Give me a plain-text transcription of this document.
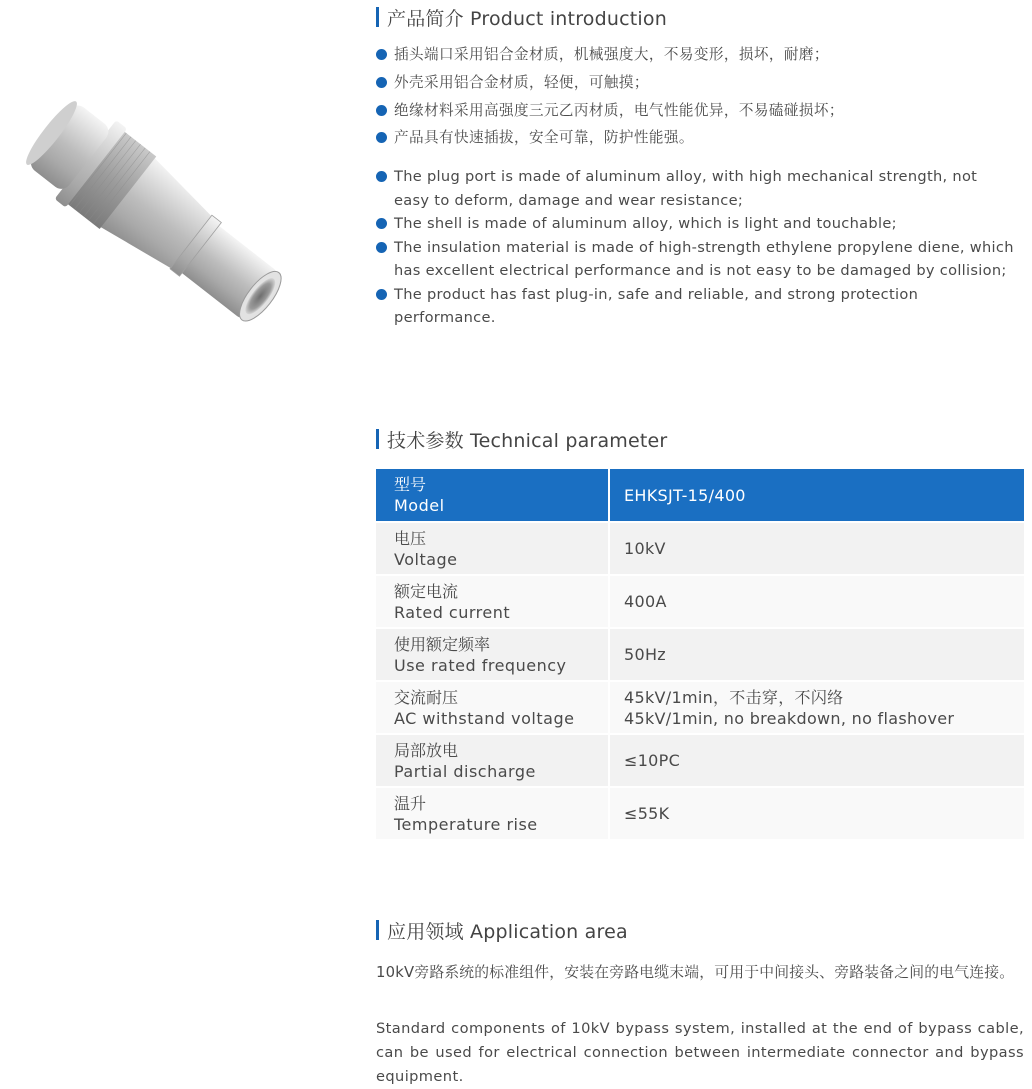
产品简介 Product introduction
插头端口采用铝合金材质，机械强度大，不易变形，损坏，耐磨；
外壳采用铝合金材质，轻便，可触摸；
绝缘材料采用高强度三元乙丙材质，电气性能优异，不易磕碰损坏；
产品具有快速插拔，安全可靠，防护性能强。
The plug port is made of aluminum alloy, with high mechanical strength, not easy to deform, damage and wear resistance;
The shell is made of aluminum alloy, which is light and touchable;
The insulation material is made of high-strength ethylene propylene diene, which has excellent electrical performance and is not easy to be damaged by collision;
The product has fast plug-in, safe and reliable, and strong protection performance.
技术参数 Technical parameter
型号
Model	EHKSJT-15/400

电压
Voltage	10kV

额定电流
Rated current	400A

使用额定频率
Use rated frequency	50Hz

交流耐压
AC withstand voltage	45kV/1min，不击穿，不闪络
45kV/1min, no breakdown, no flashover

局部放电
Partial discharge	≤10PC

温升
Temperature rise	≤55K
应用领域 Application area

10kV旁路系统的标准组件，安装在旁路电缆末端，可用于中间接头、旁路装备之间的电气连接。

Standard components of 10kV bypass system, installed at the end of bypass cable, can be used for electrical connection between intermediate connector and bypass equipment.
